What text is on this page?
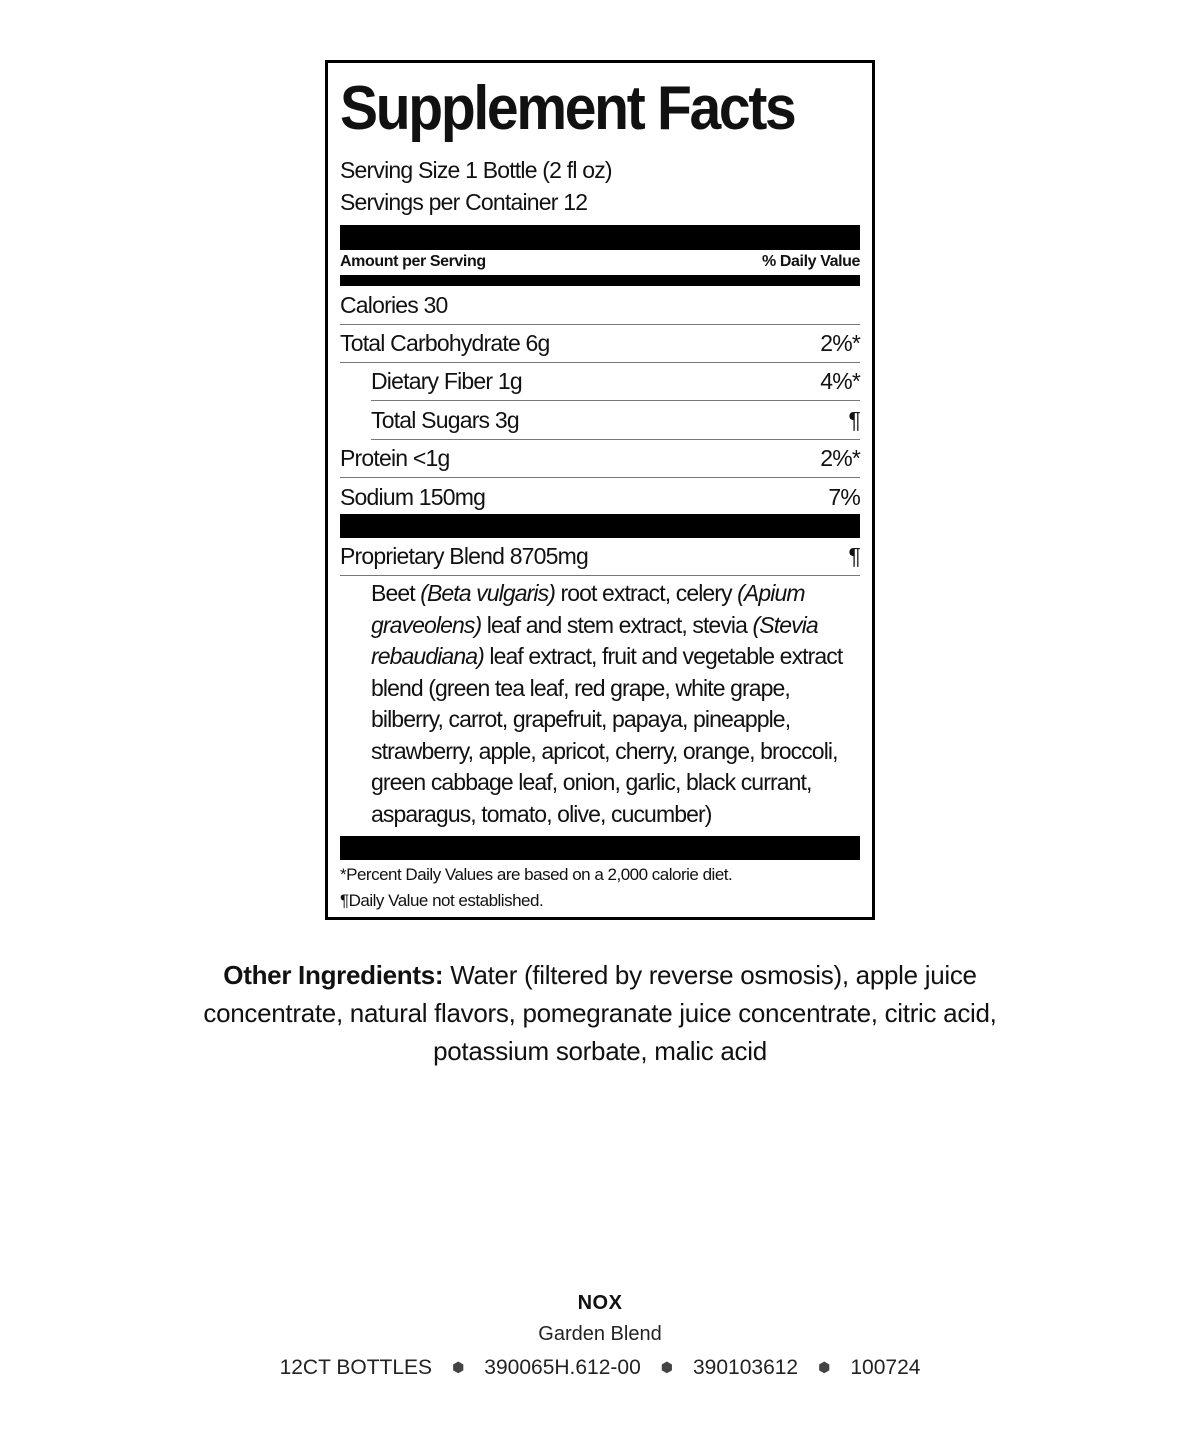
Supplement Facts
Serving Size 1 Bottle (2 fl oz)
Servings per Container 12
Amount per Serving	% Daily Value
Calories 30
Total Carbohydrate 6g	2%*
Dietary Fiber 1g	4%*
Total Sugars 3g	¶
Protein <1g	2%*
Sodium 150mg	7%
Proprietary Blend 8705mg	¶
Beet (Beta vulgaris) root extract, celery (Apium graveolens) leaf and stem extract, stevia (Stevia rebaudiana) leaf extract, fruit and vegetable extract blend (green tea leaf, red grape, white grape, bilberry, carrot, grapefruit, papaya, pineapple, strawberry, apple, apricot, cherry, orange, broccoli, green cabbage leaf, onion, garlic, black currant, asparagus, tomato, olive, cucumber)
*Percent Daily Values are based on a 2,000 calorie diet.
¶Daily Value not established.
Other Ingredients: Water (filtered by reverse osmosis), apple juice concentrate, natural flavors, pomegranate juice concentrate, citric acid, potassium sorbate, malic acid
NOX
Garden Blend
12CT BOTTLES ⬢ 390065H.612-00 ⬢ 390103612 ⬢ 100724
